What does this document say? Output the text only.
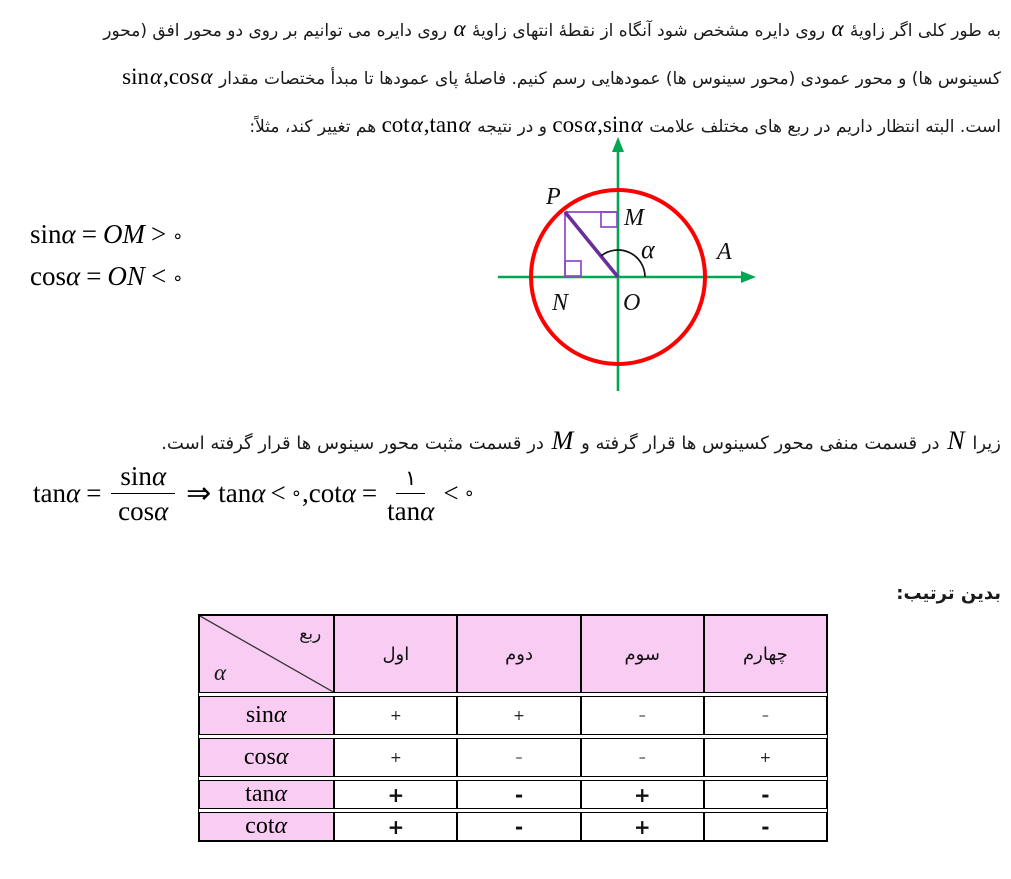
به طور کلی اگر زاویهٔ α روی دایره مشخص شود آنگاه از نقطهٔ انتهای زاویهٔ α روی دایره می توانیم بر روی دو محور افق (محور
کسینوس ها) و محور عمودی (محور سینوس ها) عمودهایی رسم کنیم. فاصلهٔ پای عمودها تا مبدأ مختصات مقدار sinα,cosα
است. البته انتظار داریم در ربع های مختلف علامت cosα,sinα و در نتیجه cotα,tanα هم تغییر کند، مثلاً:
sinα = OM > ∘
cosα = ON < ∘
P
M
N O
A
α
زیرا N در قسمت منفی محور کسینوس ها قرار گرفته و M در قسمت مثبت محور سینوس ها قرار گرفته است.
$\tan \alpha = \frac{\sin\alpha}{\cos\alpha}$ ⇒ tan α < ∘ , $\cot \alpha = \frac{۱}{\tan\alpha}$ < ∘
بدین ترتیب:
ربع
α	اول	دوم	سوم	چهارم
sinα	+	+	–	–
cosα	+	–	–	+
tanα	+	-	+	-
cotα	+	-	+	-
